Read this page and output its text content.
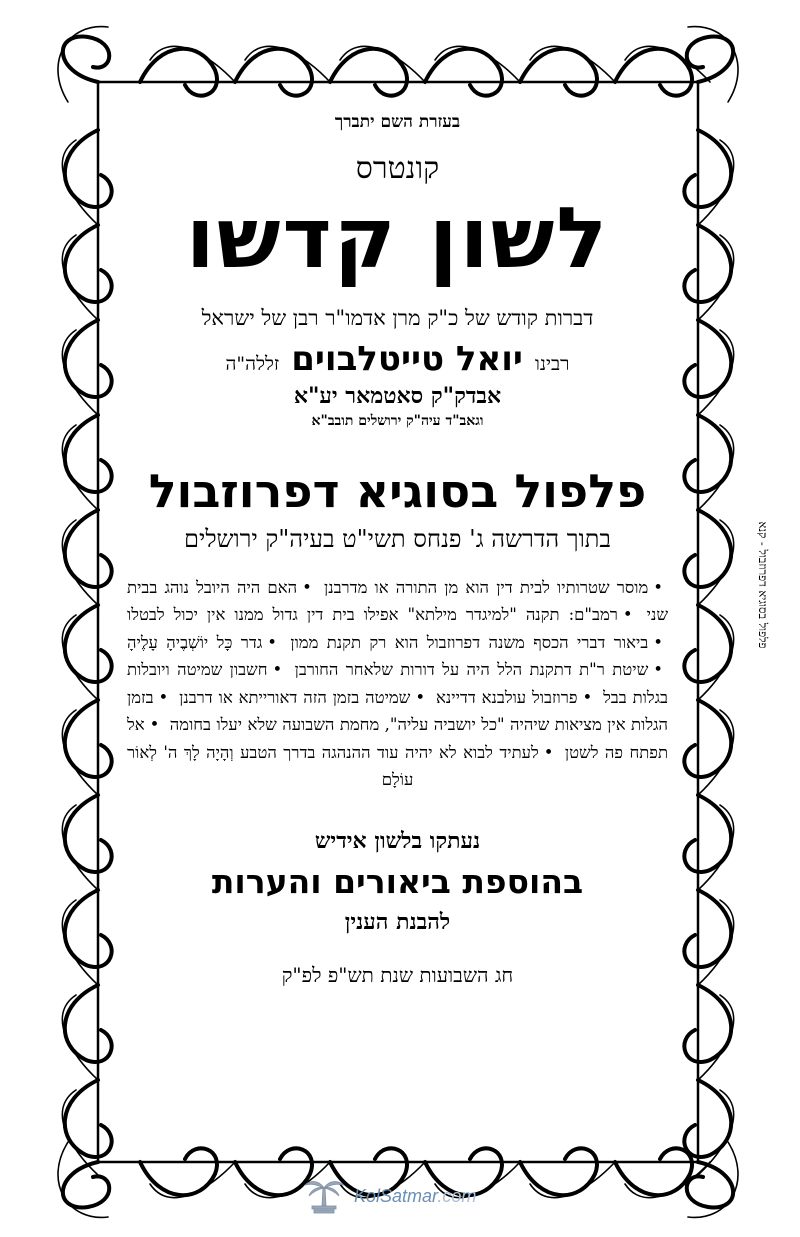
בעזרת השם יתברך
קונטרס
לשון קדשו
דברות קודש של כ"ק מרן אדמו"ר רבן של ישראל
רבינו יואל טייטלבוים זללה"ה
אבדק"ק סאטמאר יע"א
וגאב"ד עיה"ק ירושלים תובב"א
פלפול בסוגיא דפרוזבול
בתוך הדרשה ג' פנחס תשי"ט בעיה"ק ירושלים
•מוסר שטרותיו לבית דין הוא מן התורה או מדרבנן •האם היה היובל נוהג בבית שני •רמב"ם: תקנה "למיגדר מילתא" אפילו בית דין גדול ממנו אין יכול לבטלו •ביאור דברי הכסף משנה דפרוזבול הוא רק תקנת ממון •גדר כָּל יוֹשְׁבֶיהָ עָלֶיהָ •שיטת ר"ת דתקנת הלל היה על דורות שלאחר החורבן •חשבון שמיטה ויובלות בגלות בבל •פרוזבול עולבנא דדיינא •שמיטה בזמן הזה דאורייתא או דרבנן •בזמן הגלות אין מציאות שיהיה "כל יושביה עליה", מחמת השבועה שלא יעלו בחומה •אל תפתח פה לשטן •לעתיד לבוא לא יהיה עוד ההנהגה בדרך הטבע וְהָיָה לָךְ ה' לְאוֹר עוֹלָם
נעתקו בלשון אידיש
בהוספת ביאורים והערות
להבנת הענין
חג השבועות שנת תש"פ לפ"ק
פלפול בסוגיא דפרוזבול - קנא
KolSatmar.com
